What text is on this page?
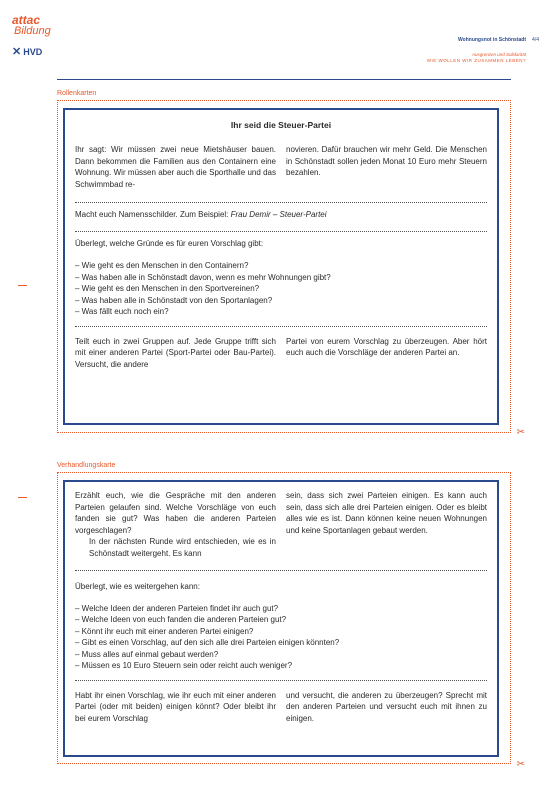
attac
Bildung
✕ HVD
Wohnungsnot in Schönstadt
Ausgrenzen und Solidarität
WIE WOLLEN WIR ZUSAMMEN LEBEN?
4/4
Rollenkarten
✂
Ihr seid die Steuer-Partei
Ihr sagt: Wir müssen zwei neue Mietshäuser bauen. Dann bekommen die Familien aus den Containern eine Wohnung. Wir müssen aber auch die Sporthalle und das Schwimmbad re-
novieren. Dafür brauchen wir mehr Geld. Die Menschen in Schönstadt sollen jeden Monat 10 Euro mehr Steuern bezahlen.
Macht euch Namensschilder. Zum Beispiel: Frau Demir – Steuer-Partei
Überlegt, welche Gründe es für euren Vorschlag gibt:
– Wie geht es den Menschen in den Containern?
– Was haben alle in Schönstadt davon, wenn es mehr Wohnungen gibt?
– Wie geht es den Menschen in den Sportvereinen?
– Was haben alle in Schönstadt von den Sportanlagen?
– Was fällt euch noch ein?
Teilt euch in zwei Gruppen auf. Jede Gruppe trifft sich mit einer anderen Partei (Sport-Partei oder Bau-Partei). Versucht, die andere
Partei von eurem Vorschlag zu überzeugen. Aber hört euch auch die Vorschläge der anderen Partei an.
Verhandlungskarte
✂
Erzählt euch, wie die Gespräche mit den anderen Parteien gelaufen sind. Welche Vorschläge von euch fanden sie gut? Was haben die anderen Parteien vorgeschlagen?
In der nächsten Runde wird entschieden, wie es in Schönstadt weitergeht. Es kann
sein, dass sich zwei Parteien einigen. Es kann auch sein, dass sich alle drei Parteien einigen. Oder es bleibt alles wie es ist. Dann können keine neuen Wohnungen und keine Sportanlagen gebaut werden.
Überlegt, wie es weitergehen kann:
– Welche Ideen der anderen Parteien findet ihr auch gut?
– Welche Ideen von euch fanden die anderen Parteien gut?
– Könnt ihr euch mit einer anderen Partei einigen?
– Gibt es einen Vorschlag, auf den sich alle drei Parteien einigen könnten?
– Muss alles auf einmal gebaut werden?
– Müssen es 10 Euro Steuern sein oder reicht auch weniger?
Habt ihr einen Vorschlag, wie ihr euch mit einer anderen Partei (oder mit beiden) einigen könnt? Oder bleibt ihr bei eurem Vorschlag
und versucht, die anderen zu überzeugen? Sprecht mit den anderen Parteien und versucht euch mit ihnen zu einigen.
